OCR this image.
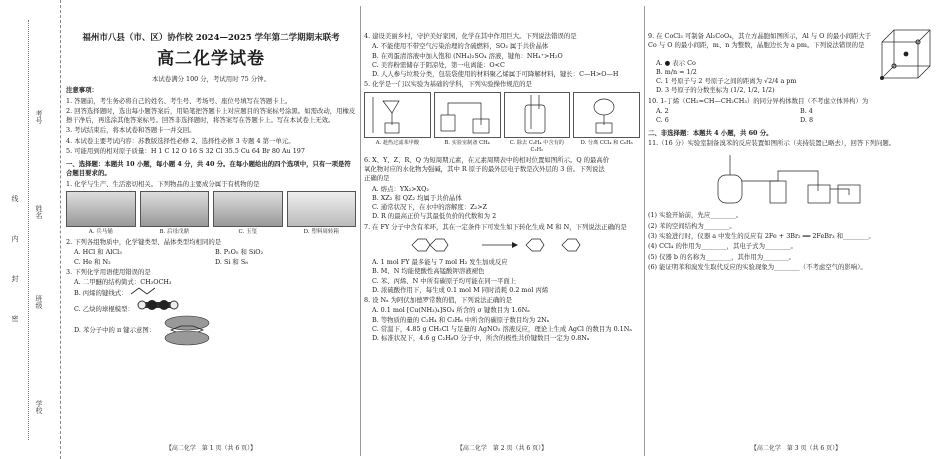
考号
姓名
班级
学校
线
内
封
密
福州市八县（市、区）协作校 2024—2025 学年第二学期期末联考
高二化学试卷
本试卷满分 100 分，考试用时 75 分钟。
注意事项：
1. 答题前，考生务必将自己的姓名、考生号、考场号、座位号填写在答题卡上。
2. 回答选择题时，选出每小题答案后，用铅笔把答题卡上对应题目的答案标号涂黑。如需改动，用橡皮擦干净后，再选涂其他答案标号。回答非选择题时，将答案写在答题卡上。写在本试卷上无效。
3. 考试结束后，将本试卷和答题卡一并交回。
4. 本试卷主要考试内容：苏教版选择性必修 2、选择性必修 3 专题 4 第一单元。
5. 可能用到的相对原子质量：H 1 C 12 O 16 S 32 Cl 35.5 Cu 64 Br 80 Au 197
一、选择题：本题共 10 小题，每小题 4 分，共 40 分。在每小题给出的四个选项中，只有一项是符合题目要求的。
1. 化学与生产、生活密切相关。下列物品的主要成分属于有机物的是
A. 兵马俑	B. 后母戊鼎	C. 玉玺	D. 塑料周转箱
2. 下列各组物质中，化学键类型、晶体类型均相同的是
A. HCl 和 AlCl₃	B. P₂O₅ 和 SiO₂
C. He 和 N₂	D. Si 和 S₈
3. 下列化学用语使用错误的是
A. 二甲醚的结构简式：CH₃OCH₃
B. 丙烯的键线式：
C. 乙炔的球棍模型：
D. 苯分子中的 π 键示意图：
【高二化学　第 1 页（共 6 页）】
4. 建设美丽乡村，守护美好家园，化学在其中作用巨大。下列说法错误的是
A. 不能使用不带空气污染治理的含硫燃料，SO₂ 属于共价晶体
B. 在鸡蛋清溶液中加入饱和 (NH₄)₂SO₄ 溶液，键角：NH₄⁺>H₂O
C. 美容粉需储存于阴凉处，第一电离能：O<C
D. 人人参与垃圾分类，包装袋使用的材料聚乙烯属于可降解材料，键长：C—H>O—H
5. 化学是一门以实验为基础的学科，下列实验操作规范的是
A. 趁热过滤苯甲酸	B. 实验室制备 CH₄	C. 除去 C₂H₄ 中含有的 C₂H₂
D. 分离 CCl₄ 和 C₆H₆
6. X、Y、Z、R、Q 为短周期元素，在元素周期表中的相对位置如图所示。Q 的最高价氧化物对应的水化物为强碱，其中 R 原子的最外层电子数是次外层的 3 倍。下列说法正确的是
A. 熔点：YX₂>XQ₂
B. XZ₂ 和 QZ₂ 均属于共价晶体
C. 通常状况下，在水中的溶解度：Z₂>Z
D. R 的最高正价与其最低负价的代数和为 2
7. 在 FY 分子中含有苯环，其在一定条件下可发生如下转化生成 M 和 N，下列说法正确的是
A. 1 mol FY 最多能与 7 mol H₂ 发生加成反应
B. M、N 均能使酸性高锰酸钾溶液褪色
C. 苯、丙烯、N 中所有碳原子均可能在同一平面上
D. 浓硫酸作用下，每生成 0.1 mol M 同时消耗 0.2 mol 丙烯
8. 设 Nₐ 为阿伏加德罗常数的值，下列说法正确的是
A. 0.1 mol [Cu(NH₃)₄]SO₄ 所含的 σ 键数目为 1.6Nₐ
B. 等物质的量的 C₂H₄ 和 C₃H₆ 中所含的碳原子数目均为 2Nₐ
C. 常温下，4.85 g CH₃Cl 与足量的 AgNO₃ 溶液反应，理论上生成 AgCl 的数目为 0.1Nₐ
D. 标准状况下，4.6 g C₂H₆O 分子中，所含的极性共价键数目一定为 0.8Nₐ
【高二化学　第 2 页（共 6 页）】
9. 在 CoCl₃ 可制备 Al₂CoO₄，其立方晶胞如图所示，Al 与 O 的最小间距大于 Co 与 O 的最小间距，m、n 为整数，晶胞边长为 a pm。下列说法错误的是
A. ● 表示 Co
B. m/n = 1/2
C. 1 号原子与 2 号原子之间的距离为 √2/4 a pm
D. 3 号原子的分数坐标为 (1/2, 1/2, 1/2)
10. 1-丁烯（CH₂=CH—CH₂CH₃）的同分异构体数目（不考虑立体异构）为
A. 2	B. 4
C. 6	D. 8
二、非选择题：本题共 4 小题，共 60 分。
11.（16 分）实验室制备溴苯的反应装置如图所示（夹持装置已略去），回答下列问题。
(1) 实验开始前，先应________。
(2) 苯的空间结构为________。
(3) 实验进行时，仪器 a 中发生的反应有 2Fe + 3Br₂ ══ 2FeBr₃ 和________。
(4) CCl₄ 的作用为________，其电子式为________。
(5) 仪器 b 的名称为________，其作用为________。
(6) 能证明苯和溴发生取代反应的实验现象为________（不考虑空气的影响）。
【高二化学　第 3 页（共 6 页）】
